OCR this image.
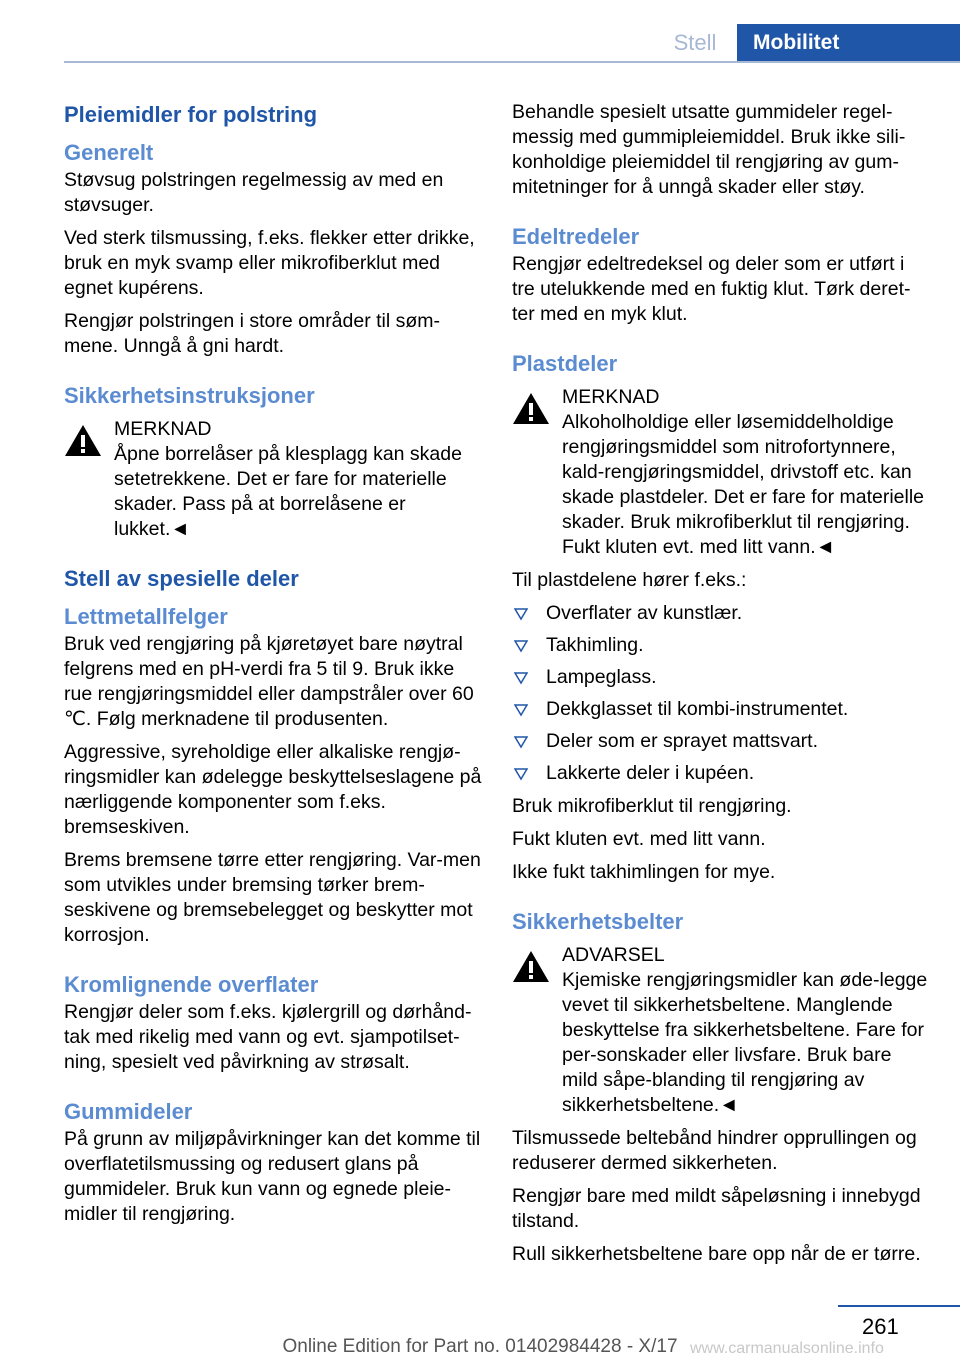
Stell	Mobilitet
Pleiemidler for polstring
Generelt

Støvsug polstringen regelmessig av med en støvsuger.

Ved sterk tilsmussing, f.eks. flekker etter drikke, bruk en myk svamp eller mikrofiberklut med egnet kupérens.

Rengjør polstringen i store områder til søm-mene. Unngå å gni hardt.

Sikkerhetsinstruksjoner
MERKNAD

Åpne borrelåser på klesplagg kan skade setetrekkene. Det er fare for materielle skader. Pass på at borrelåsene er lukket.◄

Stell av spesielle deler
Lettmetallfelger

Bruk ved rengjøring på kjøretøyet bare nøytral felgrens med en pH-verdi fra 5 til 9. Bruk ikke rue rengjøringsmiddel eller dampstråler over 60 ℃. Følg merknadene til produsenten.

Aggressive, syreholdige eller alkaliske rengjø-ringsmidler kan ødelegge beskyttelseslagene på nærliggende komponenter som f.eks. bremseskiven.

Brems bremsene tørre etter rengjøring. Var-men som utvikles under bremsing tørker brem-seskivene og bremsebelegget og beskytter mot korrosjon.

Kromlignende overflater

Rengjør deler som f.eks. kjølergrill og dørhånd-tak med rikelig med vann og evt. sjampotilset-ning, spesielt ved påvirkning av strøsalt.

Gummideler

På grunn av miljøpåvirkninger kan det komme til overflatetilsmussing og redusert glans på gummideler. Bruk kun vann og egnede pleie-midler til rengjøring.

Behandle spesielt utsatte gummideler regel-messig med gummipleiemiddel. Bruk ikke sili-konholdige pleiemiddel til rengjøring av gum-mitetninger for å unngå skader eller støy.

Edeltredeler

Rengjør edeltredeksel og deler som er utført i tre utelukkende med en fuktig klut. Tørk deret-ter med en myk klut.

Plastdeler
MERKNAD

Alkoholholdige eller løsemiddelholdige rengjøringsmiddel som nitrofortynnere, kald-rengjøringsmiddel, drivstoff etc. kan skade plastdeler. Det er fare for materielle skader. Bruk mikrofiberklut til rengjøring. Fukt kluten evt. med litt vann.◄

Til plastdelene hører f.eks.:

Overflater av kunstlær.
Takhimling.
Lampeglass.
Dekkglasset til kombi-instrumentet.
Deler som er sprayet mattsvart.
Lakkerte deler i kupéen.

Bruk mikrofiberklut til rengjøring.

Fukt kluten evt. med litt vann.

Ikke fukt takhimlingen for mye.

Sikkerhetsbelter
ADVARSEL

Kjemiske rengjøringsmidler kan øde-legge vevet til sikkerhetsbeltene. Manglende beskyttelse fra sikkerhetsbeltene. Fare for per-sonskader eller livsfare. Bruk bare mild såpe-blanding til rengjøring av sikkerhetsbeltene.◄

Tilsmussede beltebånd hindrer opprullingen og reduserer dermed sikkerheten.

Rengjør bare med mildt såpeløsning i innebygd tilstand.

Rull sikkerhetsbeltene bare opp når de er tørre.

261
Online Edition for Part no. 01402984428 - X/17 www.carmanualsonline.info
